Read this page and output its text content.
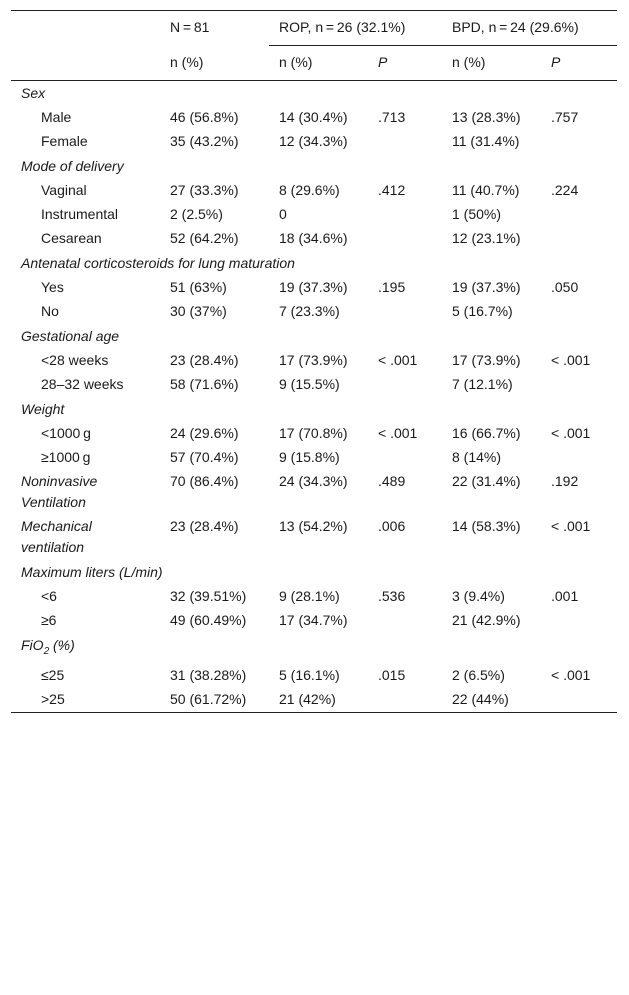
	N = 81	ROP, n = 26 (32.1%)		BPD, n = 24 (29.6%)	
	n (%)	n (%)	P	n (%)	P
Sex					
Male	46 (56.8%)	14 (30.4%)	.713	13 (28.3%)	.757
Female	35 (43.2%)	12 (34.3%)		11 (31.4%)	
Mode of delivery					
Vaginal	27 (33.3%)	8 (29.6%)	.412	11 (40.7%)	.224
Instrumental	2 (2.5%)	0		1 (50%)	
Cesarean	52 (64.2%)	18 (34.6%)		12 (23.1%)	
Antenatal corticosteroids for lung maturation					
Yes	51 (63%)	19 (37.3%)	.195	19 (37.3%)	.050
No	30 (37%)	7 (23.3%)		5 (16.7%)	
Gestational age					
<28 weeks	23 (28.4%)	17 (73.9%)	< .001	17 (73.9%)	< .001
28–32 weeks	58 (71.6%)	9 (15.5%)		7 (12.1%)	
Weight					
<1000 g	24 (29.6%)	17 (70.8%)	< .001	16 (66.7%)	< .001
≥1000 g	57 (70.4%)	9 (15.8%)		8 (14%)	
Noninvasive Ventilation	70 (86.4%)	24 (34.3%)	.489	22 (31.4%)	.192
Mechanical ventilation	23 (28.4%)	13 (54.2%)	.006	14 (58.3%)	< .001
Maximum liters (L/min)					
<6	32 (39.51%)	9 (28.1%)	.536	3 (9.4%)	.001
≥6	49 (60.49%)	17 (34.7%)		21 (42.9%)	
FiO$_2$ (%)					
≤25	31 (38.28%)	5 (16.1%)	.015	2 (6.5%)	< .001
>25	50 (61.72%)	21 (42%)		22 (44%)	
